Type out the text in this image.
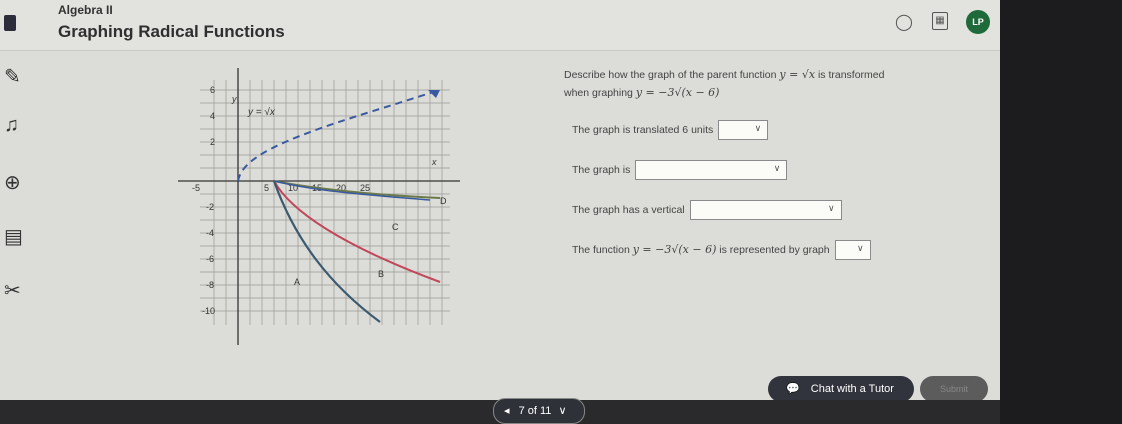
Algebra II
Graphing Radical Functions	◯	▦	LP
✎
♫
⊕
▤
✂
x
y
-5	5 10 15 20 25
6
4
2
-2
-4
-6
-8
-10
y = √x
D
C
B
A
Describe how the graph of the parent function y = √x is transformed
when graphing y = −3√(x − 6)
The graph is translated 6 units	∨
The graph is	∨
The graph has a vertical	∨
The function y = −3√(x − 6) is represented by graph	∨
💬 Chat with a Tutor	Submit
◂ 7 of 11 ∨
